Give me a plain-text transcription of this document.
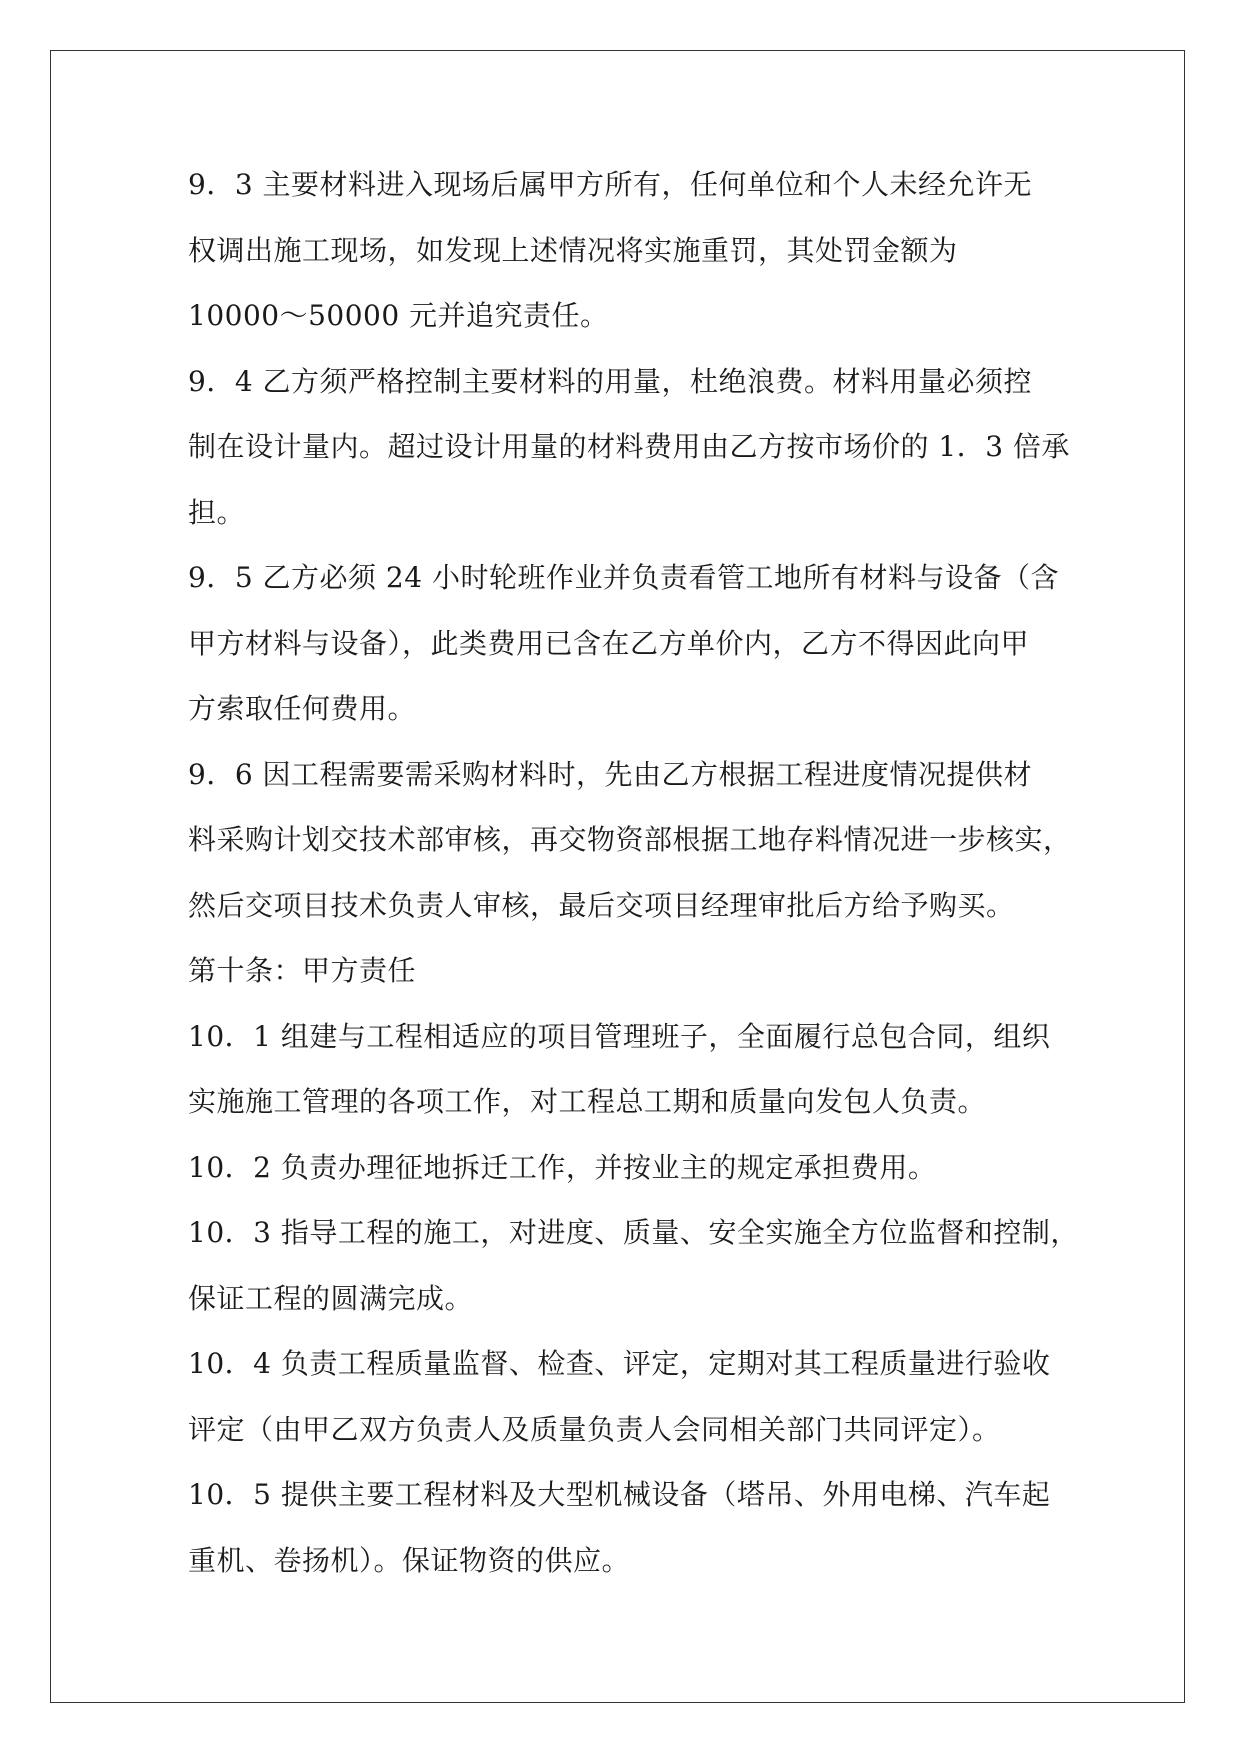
9．3 主要材料进入现场后属甲方所有，任何单位和个人未经允许无
权调出施工现场，如发现上述情况将实施重罚，其处罚金额为
10000～50000 元并追究责任。
9．4 乙方须严格控制主要材料的用量，杜绝浪费。材料用量必须控
制在设计量内。超过设计用量的材料费用由乙方按市场价的 1．3 倍承
担。
9．5 乙方必须 24 小时轮班作业并负责看管工地所有材料与设备（含
甲方材料与设备），此类费用已含在乙方单价内，乙方不得因此向甲
方索取任何费用。
9．6 因工程需要需采购材料时，先由乙方根据工程进度情况提供材
料采购计划交技术部审核，再交物资部根据工地存料情况进一步核实，
然后交项目技术负责人审核，最后交项目经理审批后方给予购买。
第十条：甲方责任
10．1 组建与工程相适应的项目管理班子，全面履行总包合同，组织
实施施工管理的各项工作，对工程总工期和质量向发包人负责。
10．2 负责办理征地拆迁工作，并按业主的规定承担费用。
10．3 指导工程的施工，对进度、质量、安全实施全方位监督和控制，
保证工程的圆满完成。
10．4 负责工程质量监督、检查、评定，定期对其工程质量进行验收
评定（由甲乙双方负责人及质量负责人会同相关部门共同评定）。
10．5 提供主要工程材料及大型机械设备（塔吊、外用电梯、汽车起
重机、卷扬机）。保证物资的供应。
